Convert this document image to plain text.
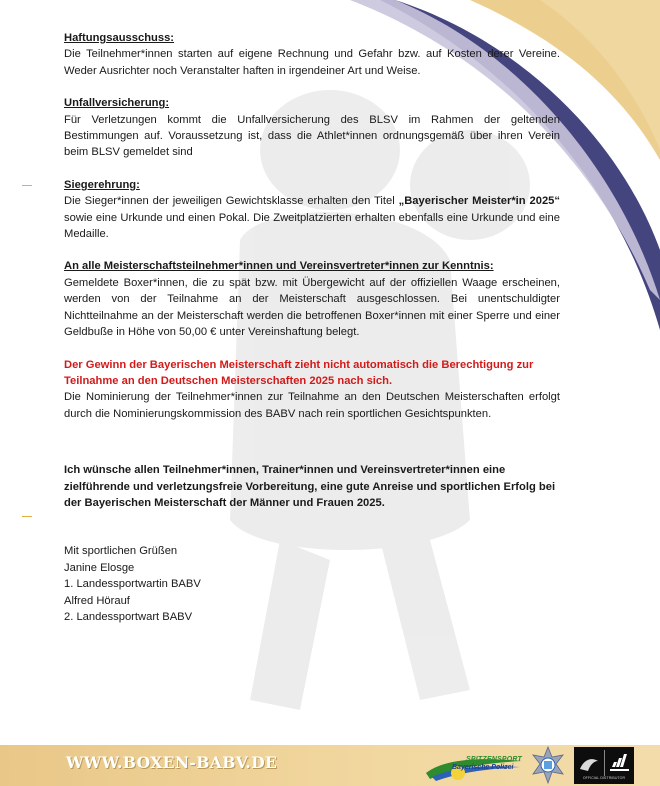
Haftungsausschuss:

Die Teilnehmer*innen starten auf eigene Rechnung und Gefahr bzw. auf Kosten derer Vereine. Weder Ausrichter noch Veranstalter haften in irgendeiner Art und Weise.

Unfallversicherung:

Für Verletzungen kommt die Unfallversicherung des BLSV im Rahmen der geltenden Bestimmungen auf. Voraussetzung ist, dass die Athlet*innen ordnungsgemäß über ihren Verein beim BLSV gemeldet sind

Siegerehrung:

Die Sieger*innen der jeweiligen Gewichtsklasse erhalten den Titel „Bayerischer Meister*in 2025“ sowie eine Urkunde und einen Pokal. Die Zweitplatzierten erhalten ebenfalls eine Urkunde und eine Medaille.

An alle Meisterschaftsteilnehmer*innen und Vereinsvertreter*innen zur Kenntnis:

Gemeldete Boxer*innen, die zu spät bzw. mit Übergewicht auf der offiziellen Waage erscheinen, werden von der Teilnahme an der Meisterschaft ausgeschlossen. Bei unentschuldigter Nichtteilnahme an der Meisterschaft werden die betroffenen Boxer*innen mit einer Sperre und einer Geldbuße in Höhe von 50,00 € unter Vereinshaftung belegt.

Der Gewinn der Bayerischen Meisterschaft zieht nicht automatisch die Berechtigung zur Teilnahme an den Deutschen Meisterschaften 2025 nach sich.

Die Nominierung der Teilnehmer*innen zur Teilnahme an den Deutschen Meisterschaften erfolgt durch die Nominierungskommission des BABV nach rein sportlichen Gesichtspunkten.

Ich wünsche allen Teilnehmer*innen, Trainer*innen und Vereinsvertreter*innen eine zielführende und verletzungsfreie Vorbereitung, eine gute Anreise und sportlichen Erfolg bei der Bayerischen Meisterschaft der Männer und Frauen 2025.

Mit sportlichen Grüßen
Janine Elosge
1. Landessportwartin BABV
Alfred Hörauf
2. Landessportwart BABV
WWW.BOXEN-BABV.DE	SPITZENSPORT
Bayerische Polizei
OFFICIAL DISTRIBUTOR
